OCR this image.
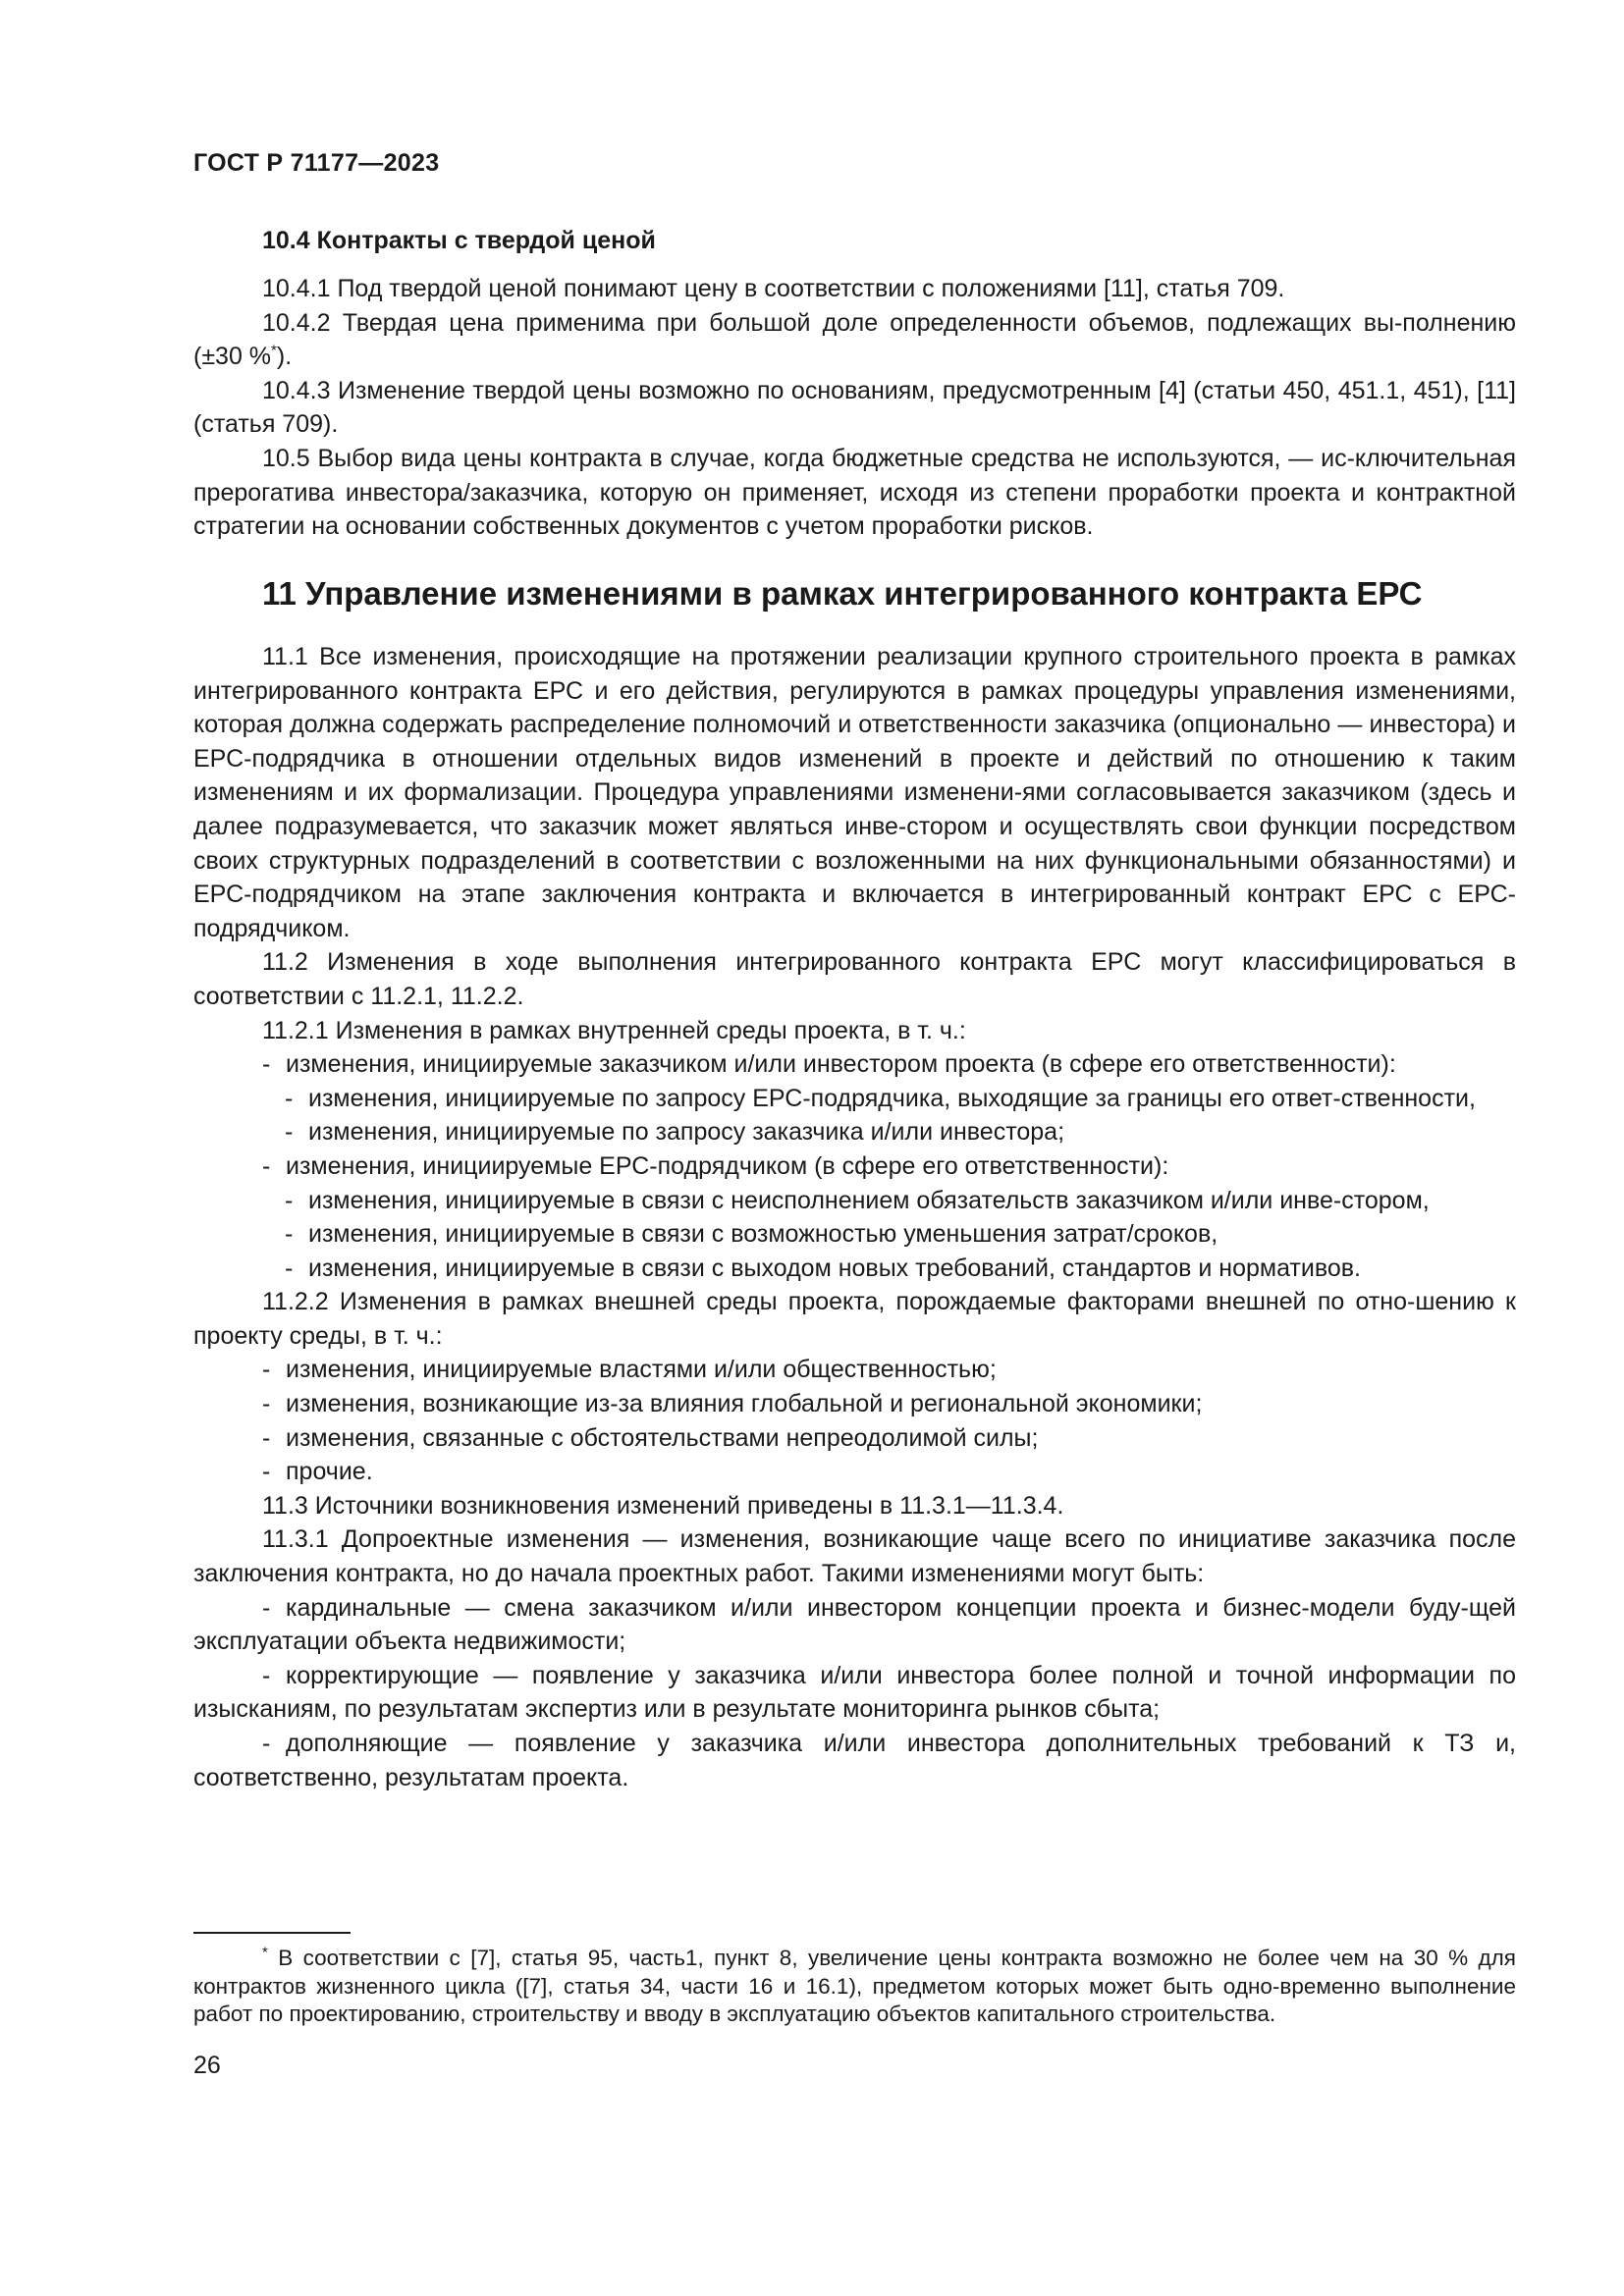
ГОСТ Р 71177—2023

10.4 Контракты с твердой ценой

10.4.1 Под твердой ценой понимают цену в соответствии с положениями [11], статья 709.

10.4.2 Твердая цена применима при большой доле определенности объемов, подлежащих вы-полнению (±30 %*).

10.4.3 Изменение твердой цены возможно по основаниям, предусмотренным [4] (статьи 450, 451.1, 451), [11] (статья 709).

10.5 Выбор вида цены контракта в случае, когда бюджетные средства не используются, — ис-ключительная прерогатива инвестора/заказчика, которую он применяет, исходя из степени проработки проекта и контрактной стратегии на основании собственных документов с учетом проработки рисков.

11 Управление изменениями в рамках интегрированного контракта ЕРС

11.1 Все изменения, происходящие на протяжении реализации крупного строительного проекта в рамках интегрированного контракта ЕРС и его действия, регулируются в рамках процедуры управления изменениями, которая должна содержать распределение полномочий и ответственности заказчика (опционально — инвестора) и ЕРС-подрядчика в отношении отдельных видов изменений в проекте и действий по отношению к таким изменениям и их формализации. Процедура управлениями изменени-ями согласовывается заказчиком (здесь и далее подразумевается, что заказчик может являться инве-стором и осуществлять свои функции посредством своих структурных подразделений в соответствии с возложенными на них функциональными обязанностями) и ЕРС-подрядчиком на этапе заключения контракта и включается в интегрированный контракт ЕРС с ЕРС-подрядчиком.

11.2 Изменения в ходе выполнения интегрированного контракта ЕРС могут классифицироваться в соответствии с 11.2.1, 11.2.2.

11.2.1 Изменения в рамках внутренней среды проекта, в т. ч.:

- изменения, инициируемые заказчиком и/или инвестором проекта (в сфере его ответственности):

- изменения, инициируемые по запросу ЕРС-подрядчика, выходящие за границы его ответ-ственности,

- изменения, инициируемые по запросу заказчика и/или инвестора;

- изменения, инициируемые ЕРС-подрядчиком (в сфере его ответственности):

- изменения, инициируемые в связи с неисполнением обязательств заказчиком и/или инве-стором,

- изменения, инициируемые в связи с возможностью уменьшения затрат/сроков,

- изменения, инициируемые в связи с выходом новых требований, стандартов и нормативов.

11.2.2 Изменения в рамках внешней среды проекта, порождаемые факторами внешней по отно-шению к проекту среды, в т. ч.:

- изменения, инициируемые властями и/или общественностью;

- изменения, возникающие из-за влияния глобальной и региональной экономики;

- изменения, связанные с обстоятельствами непреодолимой силы;

- прочие.

11.3 Источники возникновения изменений приведены в 11.3.1—11.3.4.

11.3.1 Допроектные изменения — изменения, возникающие чаще всего по инициативе заказчика после заключения контракта, но до начала проектных работ. Такими изменениями могут быть:

- кардинальные — смена заказчиком и/или инвестором концепции проекта и бизнес-модели буду-щей эксплуатации объекта недвижимости;

- корректирующие — появление у заказчика и/или инвестора более полной и точной информации по изысканиям, по результатам экспертиз или в результате мониторинга рынков сбыта;

- дополняющие — появление у заказчика и/или инвестора дополнительных требований к ТЗ и, соответственно, результатам проекта.

* В соответствии с [7], статья 95, часть1, пункт 8, увеличение цены контракта возможно не более чем на 30 % для контрактов жизненного цикла ([7], статья 34, части 16 и 16.1), предметом которых может быть одно-временно выполнение работ по проектированию, строительству и вводу в эксплуатацию объектов капитального строительства.

26
